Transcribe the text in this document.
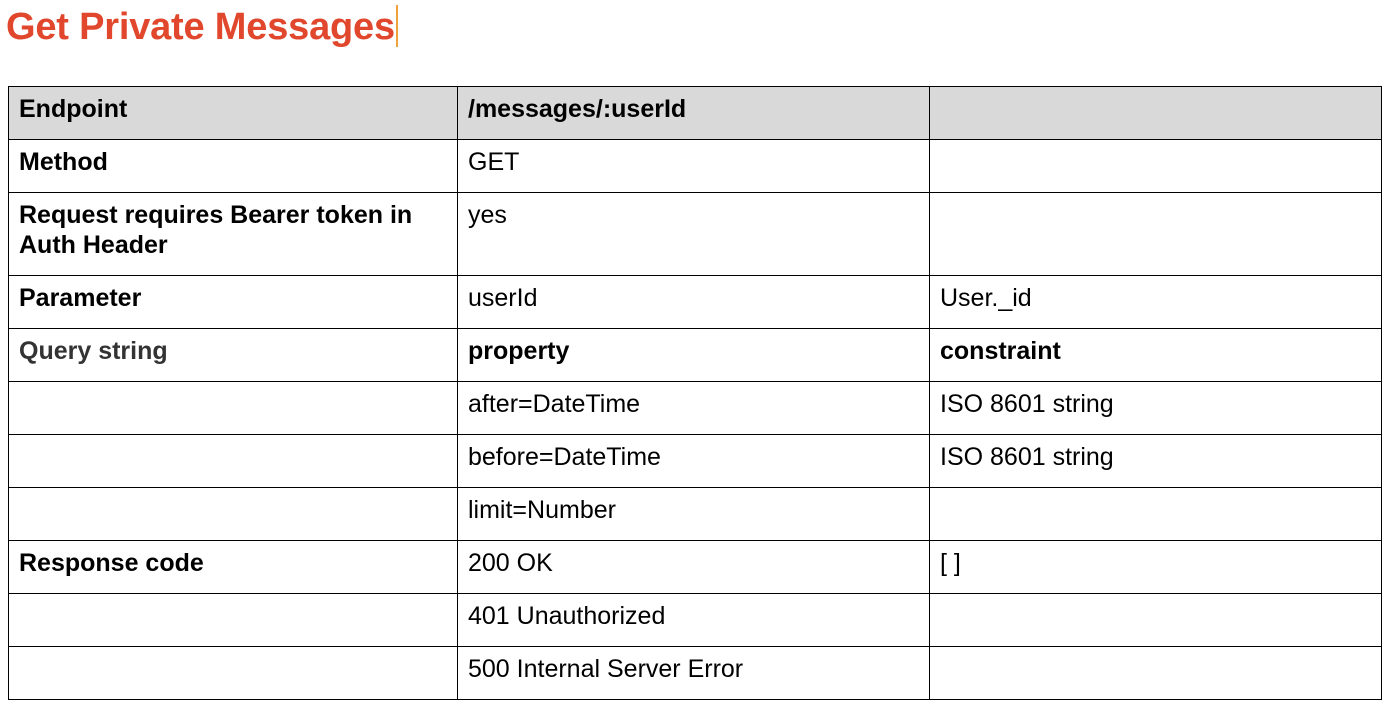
Get Private Messages
Endpoint	/messages/:userId	
Method	GET	
Request requires Bearer token in Auth Header	yes	
Parameter	userId	User._id
Query string	property	constraint
	after=DateTime	ISO 8601 string
	before=DateTime	ISO 8601 string
	limit=Number	
Response code	200 OK	[ ]
	401 Unauthorized	
	500 Internal Server Error	
